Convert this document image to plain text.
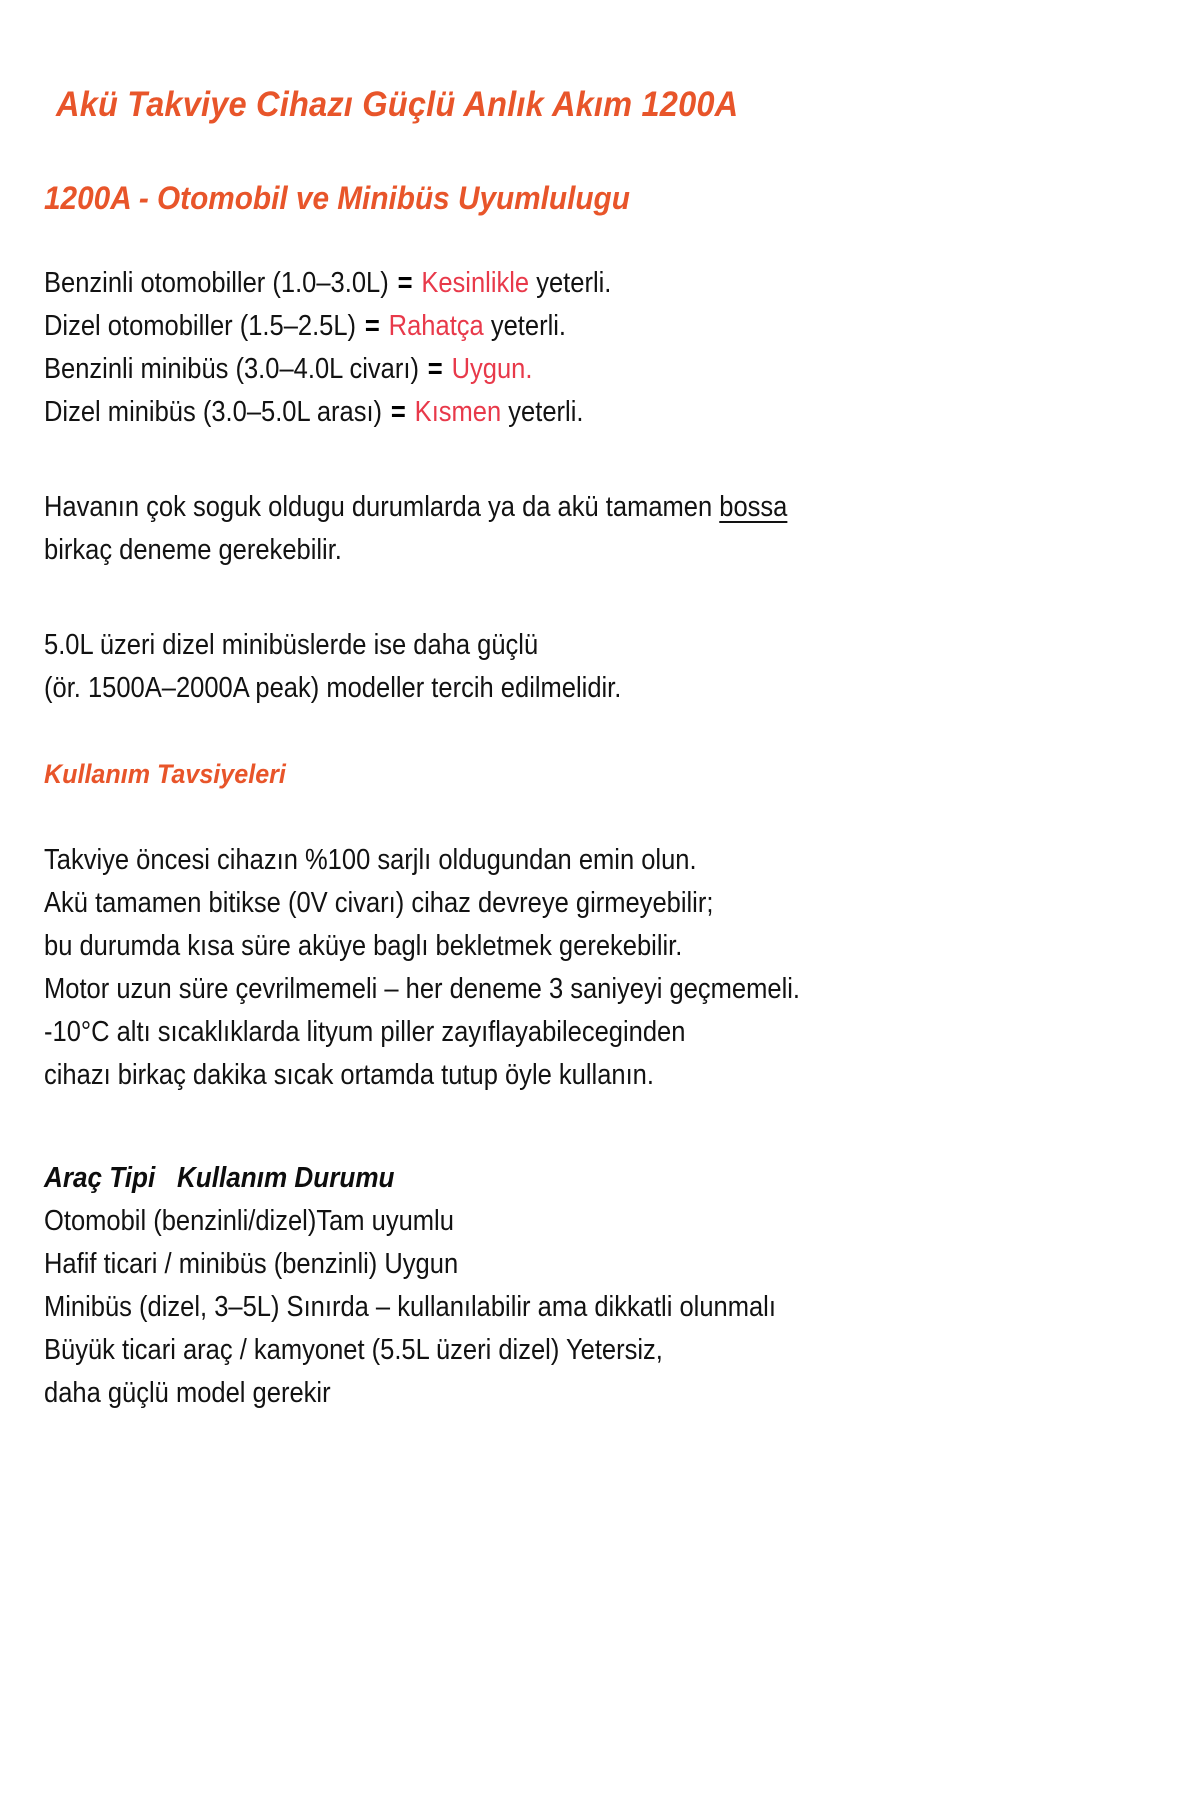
Akü Takviye Cihazı Güçlü Anlık Akım 1200A
1200A - Otomobil ve Minibüs Uyumlulugu

Benzinli otomobiller (1.0–3.0L) = Kesinlikle yeterli.

Dizel otomobiller (1.5–2.5L) = Rahatça yeterli.

Benzinli minibüs (3.0–4.0L civarı) = Uygun.

Dizel minibüs (3.0–5.0L arası) = Kısmen yeterli.

Havanın çok soguk oldugu durumlarda ya da akü tamamen bossa

birkaç deneme gerekebilir.

5.0L üzeri dizel minibüslerde ise daha güçlü

(ör. 1500A–2000A peak) modeller tercih edilmelidir.

Kullanım Tavsiyeleri

Takviye öncesi cihazın %100 sarjlı oldugundan emin olun.

Akü tamamen bitikse (0V civarı) cihaz devreye girmeyebilir;

bu durumda kısa süre aküye baglı bekletmek gerekebilir.

Motor uzun süre çevrilmemeli – her deneme 3 saniyeyi geçmemeli.

-10°C altı sıcaklıklarda lityum piller zayıflayabileceginden

cihazı birkaç dakika sıcak ortamda tutup öyle kullanın.

Araç Tipi   Kullanım Durumu

Otomobil (benzinli/dizel)Tam uyumlu

Hafif ticari / minibüs (benzinli) Uygun

Minibüs (dizel, 3–5L) Sınırda – kullanılabilir ama dikkatli olunmalı

Büyük ticari araç / kamyonet (5.5L üzeri dizel) Yetersiz,

daha güçlü model gerekir
